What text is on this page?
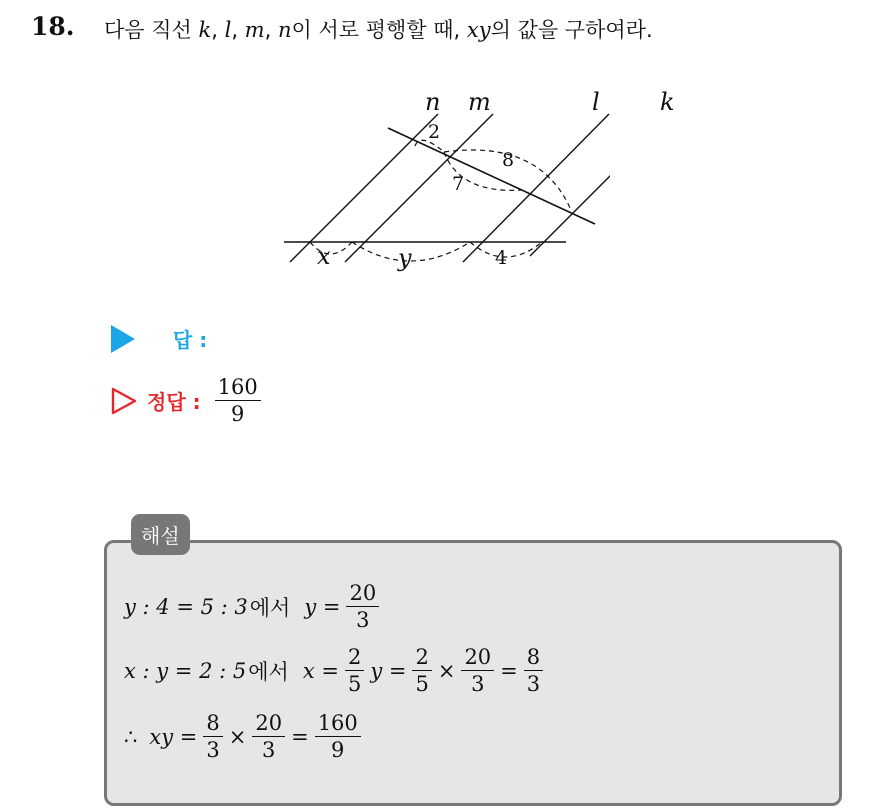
18. 다음 직선 k, l, m, n이 서로 평행할 때, xy의 값을 구하여라.
n m	l
2
8
7
x	y	4
k
답 :
정답 : $\frac{160}{9}$
해설
y : 4 = 5 : 3 에서 $y = \frac{20}{3}$
x : y = 2 : 5 에서 $x = \frac{2}{5}$ $y = \frac{2}{5} \times \frac{20}{3} = \frac{8}{3}$
∴ xy = $\frac{8}{3} \times \frac{20}{3} = \frac{160}{9}$
